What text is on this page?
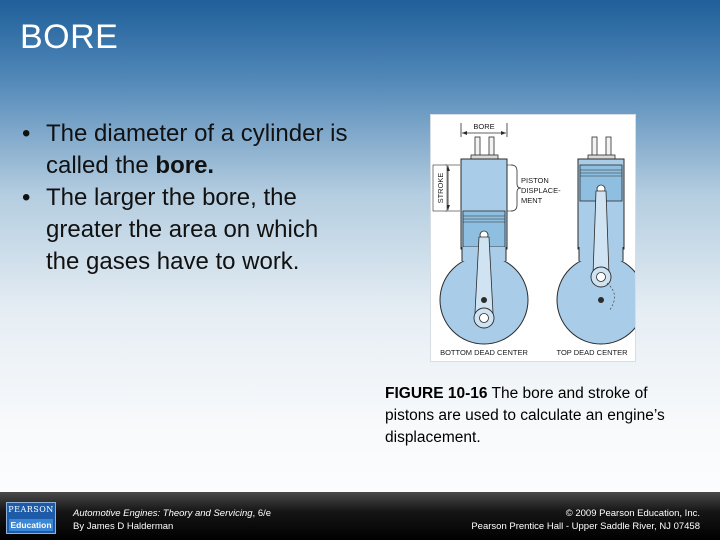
BORE
• The diameter of a cylinder is called the bore.
• The larger the bore, the greater the area on which the gases have to work.
BORE
STROKE	PISTON
DISPLACE-
MENT
BOTTOM DEAD CENTER	TOP DEAD CENTER

FIGURE 10-16 The bore and stroke of pistons are used to calculate an engine’s displacement.

PEARSON
Education
Automotive Engines: Theory and Servicing, 6/e
By James D Halderman
© 2009 Pearson Education, Inc.
Pearson Prentice Hall - Upper Saddle River, NJ 07458
